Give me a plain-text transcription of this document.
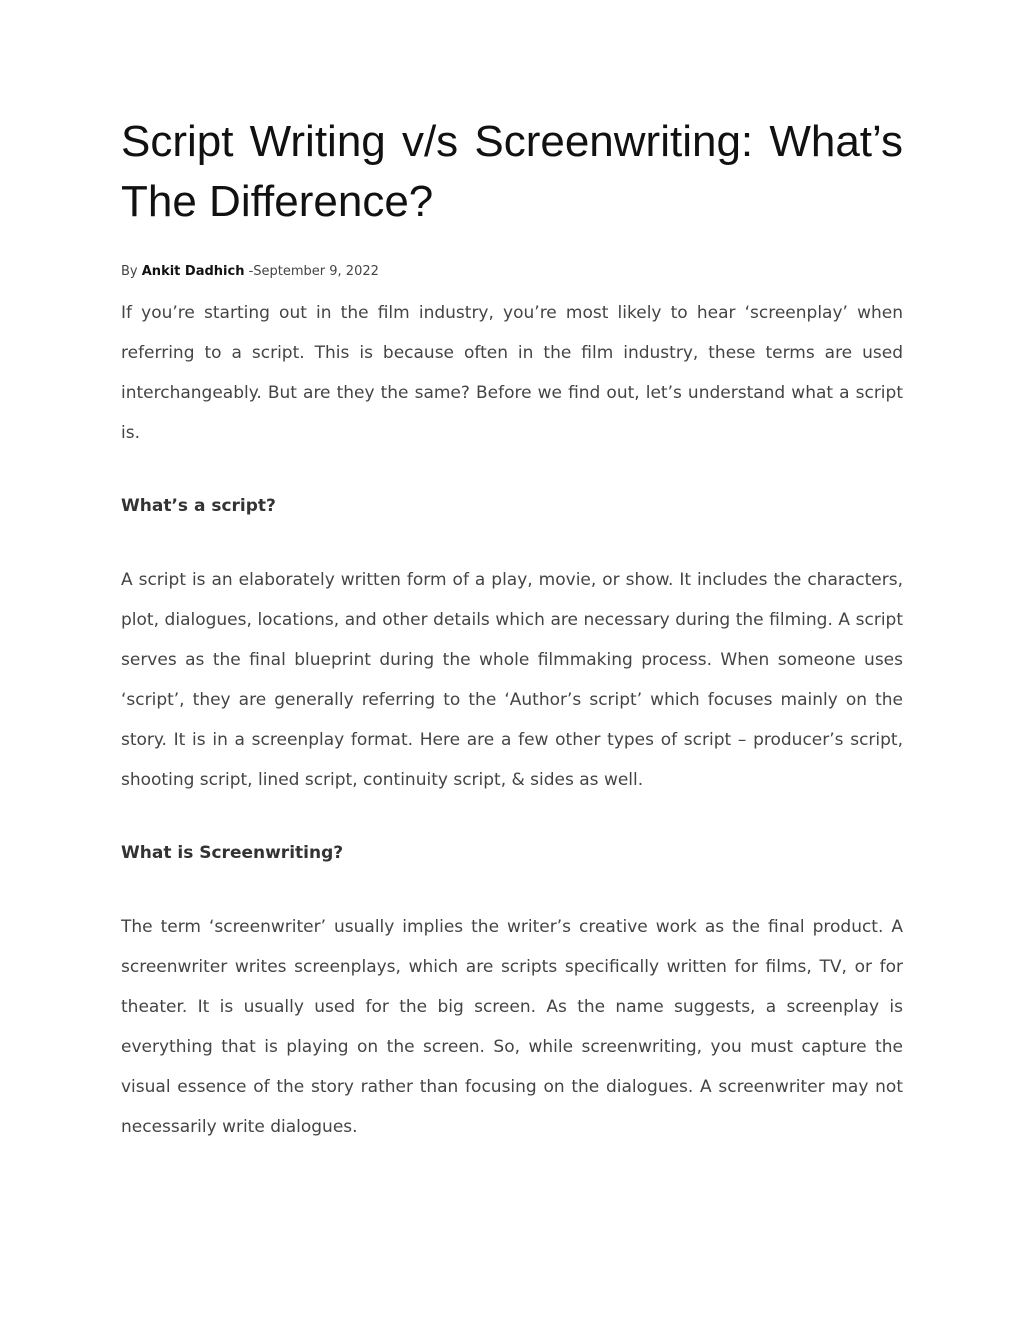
Script Writing v/s Screenwriting: What’s The Difference?
By Ankit Dadhich -September 9, 2022

If you’re starting out in the film industry, you’re most likely to hear ‘screenplay’ when referring to a script. This is because often in the film industry, these terms are used interchangeably. But are they the same? Before we find out, let’s understand what a script is.

What’s a script?

A script is an elaborately written form of a play, movie, or show. It includes the characters, plot, dialogues, locations, and other details which are necessary during the filming. A script serves as the final blueprint during the whole filmmaking process. When someone uses ‘script’, they are generally referring to the ‘Author’s script’ which focuses mainly on the story. It is in a screenplay format. Here are a few other types of script – producer’s script, shooting script, lined script, continuity script, & sides as well.

What is Screenwriting?

The term ‘screenwriter’ usually implies the writer’s creative work as the final product. A screenwriter writes screenplays, which are scripts specifically written for films, TV, or for theater. It is usually used for the big screen. As the name suggests, a screenplay is everything that is playing on the screen. So, while screenwriting, you must capture the visual essence of the story rather than focusing on the dialogues. A screenwriter may not necessarily write dialogues.
